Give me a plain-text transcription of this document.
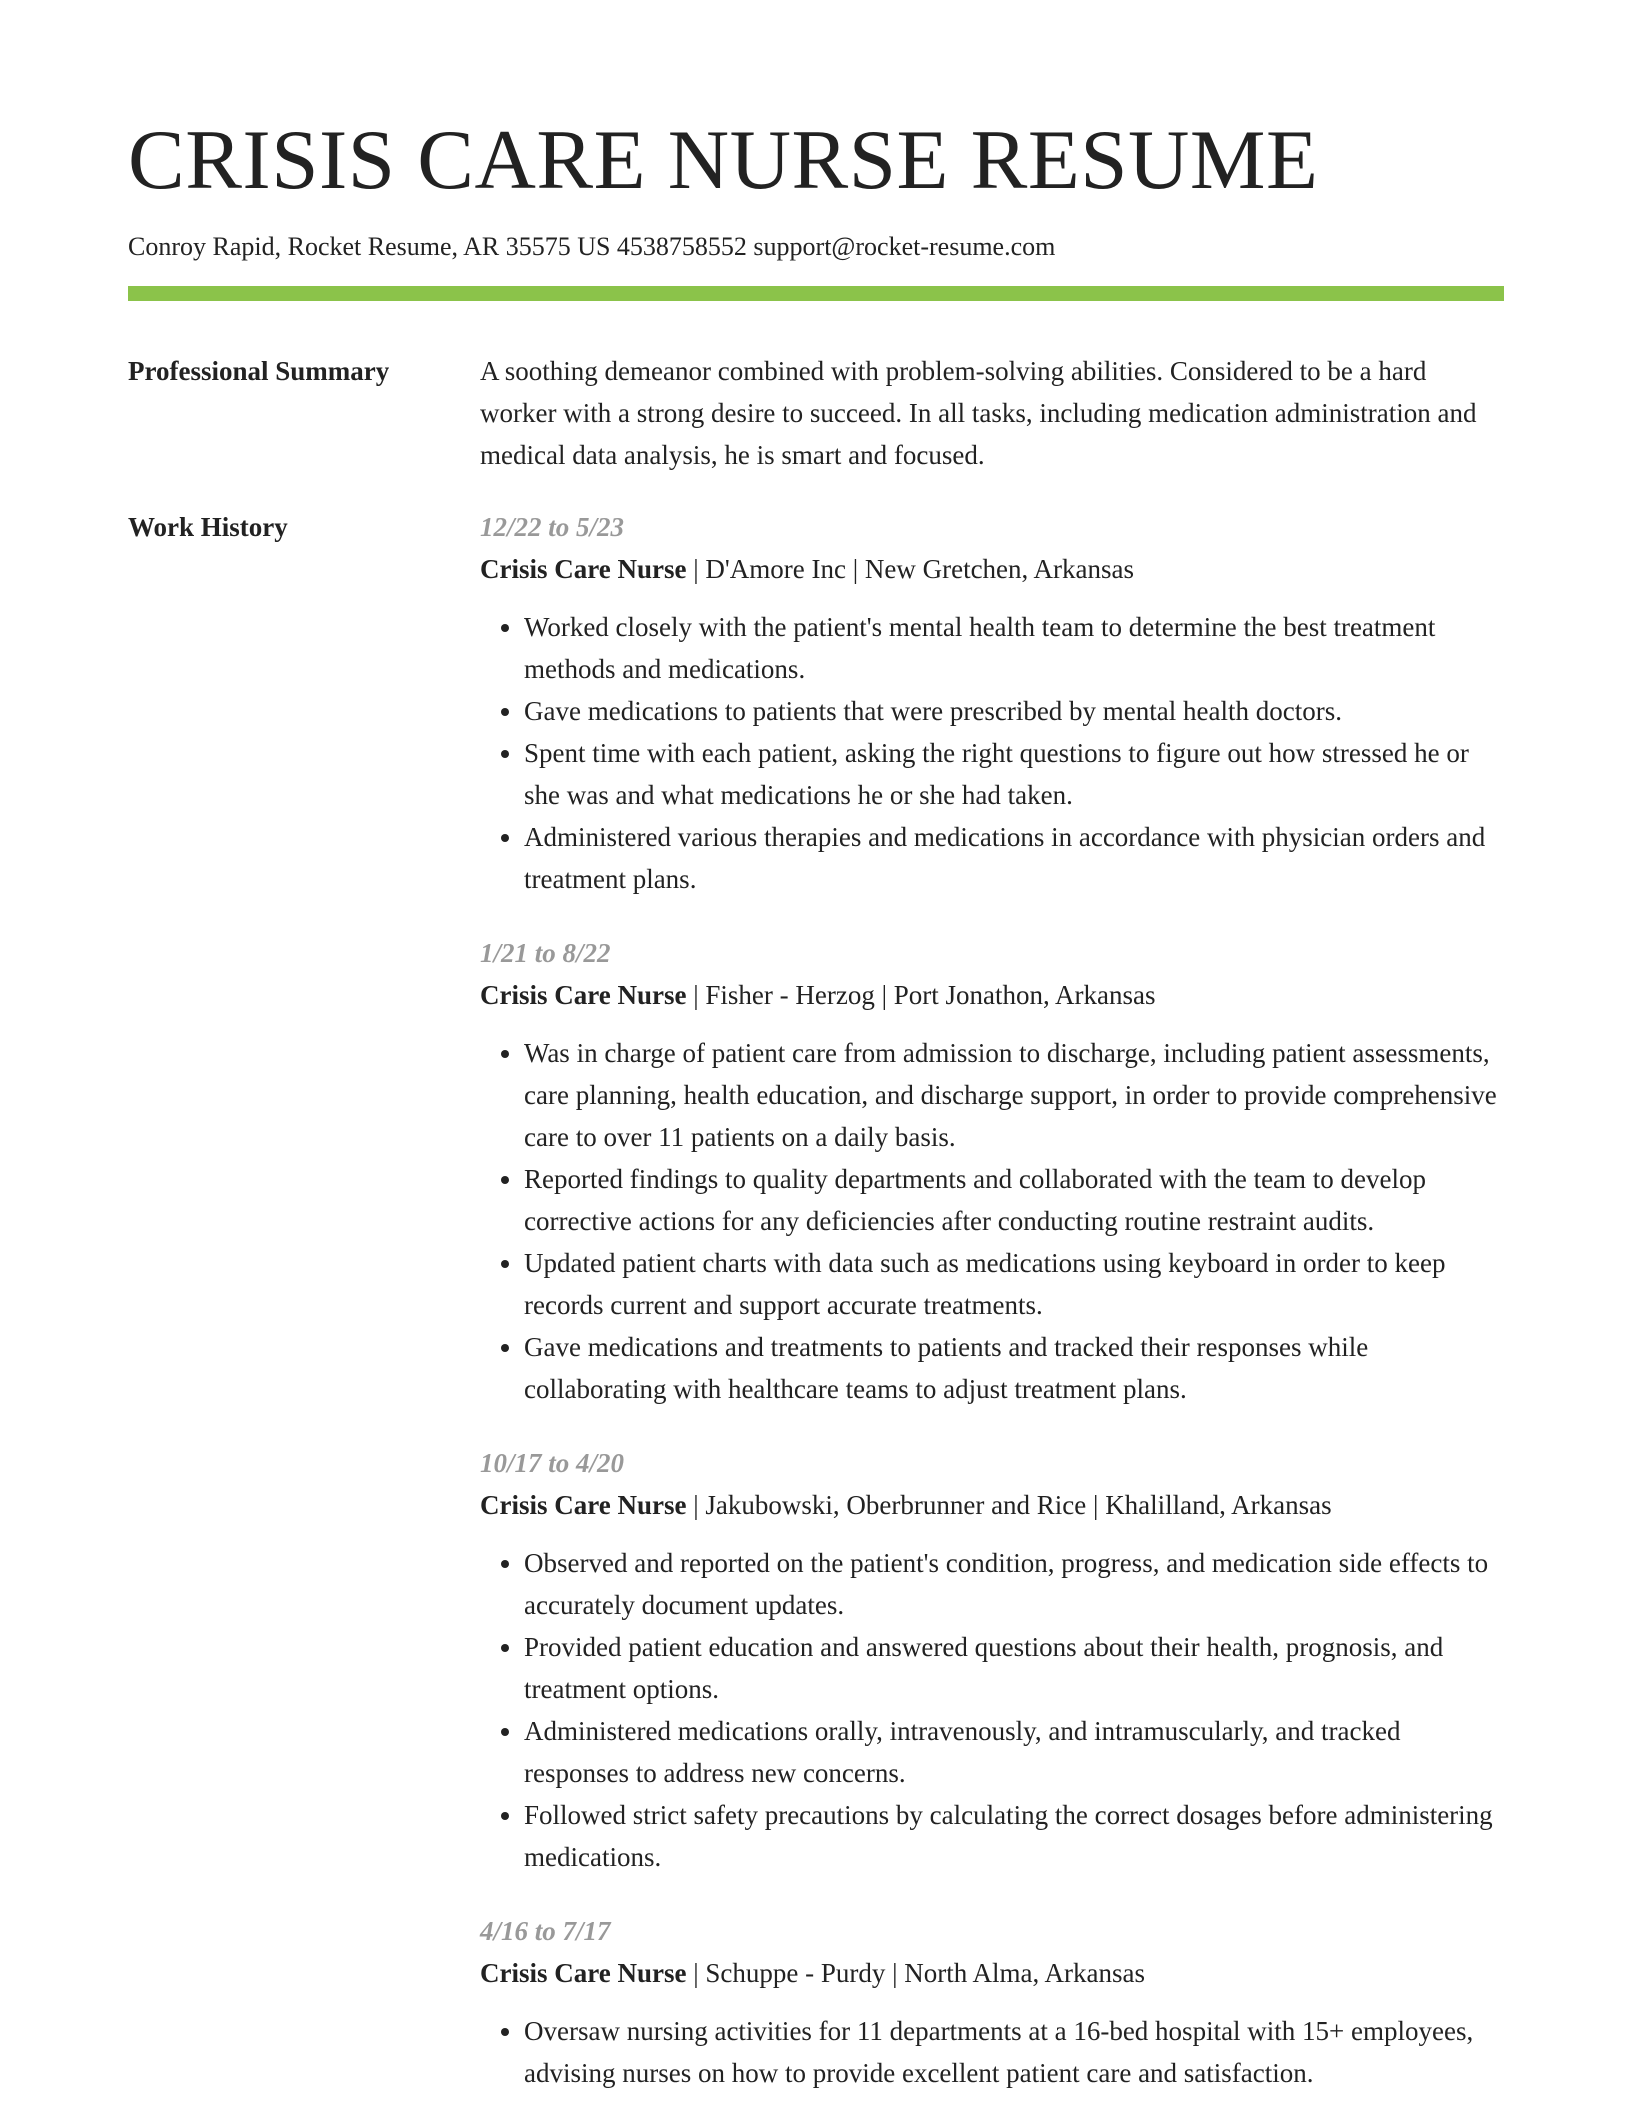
CRISIS CARE NURSE RESUME
Conroy Rapid, Rocket Resume, AR 35575 US 4538758552 support@rocket-resume.com
Professional Summary	A soothing demeanor combined with problem-solving abilities. Considered to be a hard worker with a strong desire to succeed. In all tasks, including medication administration and medical data analysis, he is smart and focused.
Work History	12/22 to 5/23
Crisis Care Nurse | D'Amore Inc | New Gretchen, Arkansas
• Worked closely with the patient's mental health team to determine the best treatment methods and medications.
• Gave medications to patients that were prescribed by mental health doctors.
• Spent time with each patient, asking the right questions to figure out how stressed he or she was and what medications he or she had taken.
• Administered various therapies and medications in accordance with physician orders and treatment plans.
1/21 to 8/22
Crisis Care Nurse | Fisher - Herzog | Port Jonathon, Arkansas
• Was in charge of patient care from admission to discharge, including patient assessments, care planning, health education, and discharge support, in order to provide comprehensive care to over 11 patients on a daily basis.
• Reported findings to quality departments and collaborated with the team to develop corrective actions for any deficiencies after conducting routine restraint audits.
• Updated patient charts with data such as medications using keyboard in order to keep records current and support accurate treatments.
• Gave medications and treatments to patients and tracked their responses while collaborating with healthcare teams to adjust treatment plans.
10/17 to 4/20
Crisis Care Nurse | Jakubowski, Oberbrunner and Rice | Khalilland, Arkansas
• Observed and reported on the patient's condition, progress, and medication side effects to accurately document updates.
• Provided patient education and answered questions about their health, prognosis, and treatment options.
• Administered medications orally, intravenously, and intramuscularly, and tracked responses to address new concerns.
• Followed strict safety precautions by calculating the correct dosages before administering medications.
4/16 to 7/17
Crisis Care Nurse | Schuppe - Purdy | North Alma, Arkansas
• Oversaw nursing activities for 11 departments at a 16-bed hospital with 15+ employees, advising nurses on how to provide excellent patient care and satisfaction.
